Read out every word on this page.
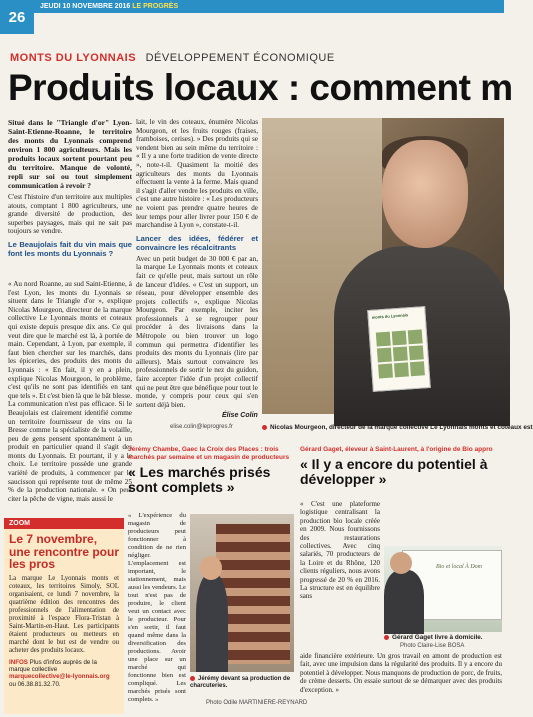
26
JEUDI 10 NOVEMBRE 2016 LE PROGRÈS
MONTS DU LYONNAIS DÉVELOPPEMENT ÉCONOMIQUE
Produits locaux : comment m

Situé dans le "Triangle d'or" Lyon-Saint-Etienne-Roanne, le territoire des monts du Lyonnais comprend environ 1 800 agriculteurs. Mais les produits locaux sortent pourtant peu du territoire. Manque de volonté, repli sur soi ou tout simplement communication à revoir ?

C'est l'histoire d'un territoire aux multiples atouts, comptant 1 800 agriculteurs, une grande diversité de production, des superbes paysages, mais qui ne sait pas toujours se vendre.

Le Beaujolais fait du vin mais que font les monts du Lyonnais ?

« Au nord Roanne, au sud Saint-Etienne, à l'est Lyon, les monts du Lyonnais se situent dans le Triangle d'or », explique Nicolas Mourgeon, directeur de la marque collective Le Lyonnais monts et coteaux qui existe depuis presque dix ans. Ce qui veut dire que le marché est là, à portée de main. Cependant, à Lyon, par exemple, il faut bien chercher sur les marchés, dans les épiceries, des produits des monts du Lyonnais : « En fait, il y en a plein, explique Nicolas Mourgeon, le problème, c'est qu'ils ne sont pas identifiés en tant que tels ». Et c'est bien là que le bât blesse. La communication n'est pas efficace. Si le Beaujolais est clairement identifié comme un territoire fournisseur de vins ou la Bresse comme la spécialiste de la volaille, peu de gens pensent spontanément à un produit en particulier quand il s'agit des monts du Lyonnais. Et pourtant, il y a le choix. Le territoire possède une grande variété de produits, à commencer par le saucisson qui représente tout de même 25 % de la production nationale. « On peut citer la pêche de vigne, mais aussi le

lait, le vin des coteaux, énumère Nicolas Mourgeon, et les fruits rouges (fraises, framboises, cerises). » Des produits qui se vendent bien au sein même du territoire : « Il y a une forte tradition de vente directe », note-t-il. Quasiment la moitié des agriculteurs des monts du Lyonnais effectuent la vente à la ferme. Mais quand il s'agit d'aller vendre les produits en ville, c'est une autre histoire : « Les producteurs ne voient pas prendre quatre heures de leur temps pour aller livrer pour 150 € de marchandise à Lyon », constate-t-il.

Lancer des idées, fédérer et convaincre les récalcitrants

Avec un petit budget de 30 000 € par an, la marque Le Lyonnais monts et coteaux fait ce qu'elle peut, mais surtout un rôle de lanceur d'idées. « C'est un support, un réseau, pour développer ensemble des projets collectifs », explique Nicolas Mourgeon. Par exemple, inciter les professionnels à se regrouper pour procéder à des livraisons dans la Métropole ou bien trouver un logo commun qui permettra d'identifier les produits des monts du Lyonnais (lire par ailleurs). Mais surtout convaincre les professionnels de sortir le nez du guidon, faire accepter l'idée d'un projet collectif qui ne peut être que bénéfique pour tout le monde, y compris pour ceux qui s'en sortent déjà bien.

Élise Colin
monts du Lyonnais
elise.colin@leprogres.fr	Nicolas Mourgeon, directeur de la marque collective Le Lyonnais monts et coteaux est
ZOOM
Le 7 novembre, une rencontre pour les pros

La marque Le Lyonnais monts et coteaux, les territoires Simoly, SOL organisaient, ce lundi 7 novembre, la quatrième édition des rencontres des professionnels de l'alimentation de proximité à l'espace Flora-Tristan à Saint-Martin-en-Haut. Les participants étaient producteurs ou metteurs en marché dont le but est de vendre ou acheter des produits locaux.

INFOS Plus d'infos auprès de la marque collective
marquecollective@le-lyonnais.org
ou 06.38.81.32.70.

Jérémy Chambe, Gaec la Croix des Places : trois marchés par semaine et un magasin de producteurs

« Les marchés prisés sont complets »

« L'expérience du magasin de producteurs peut fonctionner à condition de ne rien négliger. L'emplacement est important, le stationnement, mais aussi les vendeurs. Le tout n'est pas de produire, le client veut un contact avec le producteur. Pour s'en sortir, il faut quand même dans la diversification des productions. Avoir une place sur un marché qui fonctionne bien est compliqué. Les marchés prisés sont complets. »
Jérémy devant sa production de charcuteries.
Photo Odile MARTINIERE-REYNARD

Gérard Gaget, éleveur à Saint-Laurent, à l'origine de Bio appro

« Il y a encore du potentiel à développer »

« C'est une plateforme logistique centralisant la production bio locale créée en 2009. Nous fournissons des restaurations collectives. Avec cinq salariés, 70 producteurs de la Loire et du Rhône, 120 clients réguliers, nous avons progressé de 20 % en 2016. La structure est en équilibre sans
Bio et local À Dom
Gérard Gaget livre à domicile.
Photo Claire-Lise BOSA
aide financière extérieure. Un gros travail en amont de production est fait, avec une impulsion dans la régularité des produits. Il y a encore du potentiel à développer. Nous manquons de production de porc, de fruits, de crème desserts. On essaie surtout de se démarquer avec des produits d'exception. »
